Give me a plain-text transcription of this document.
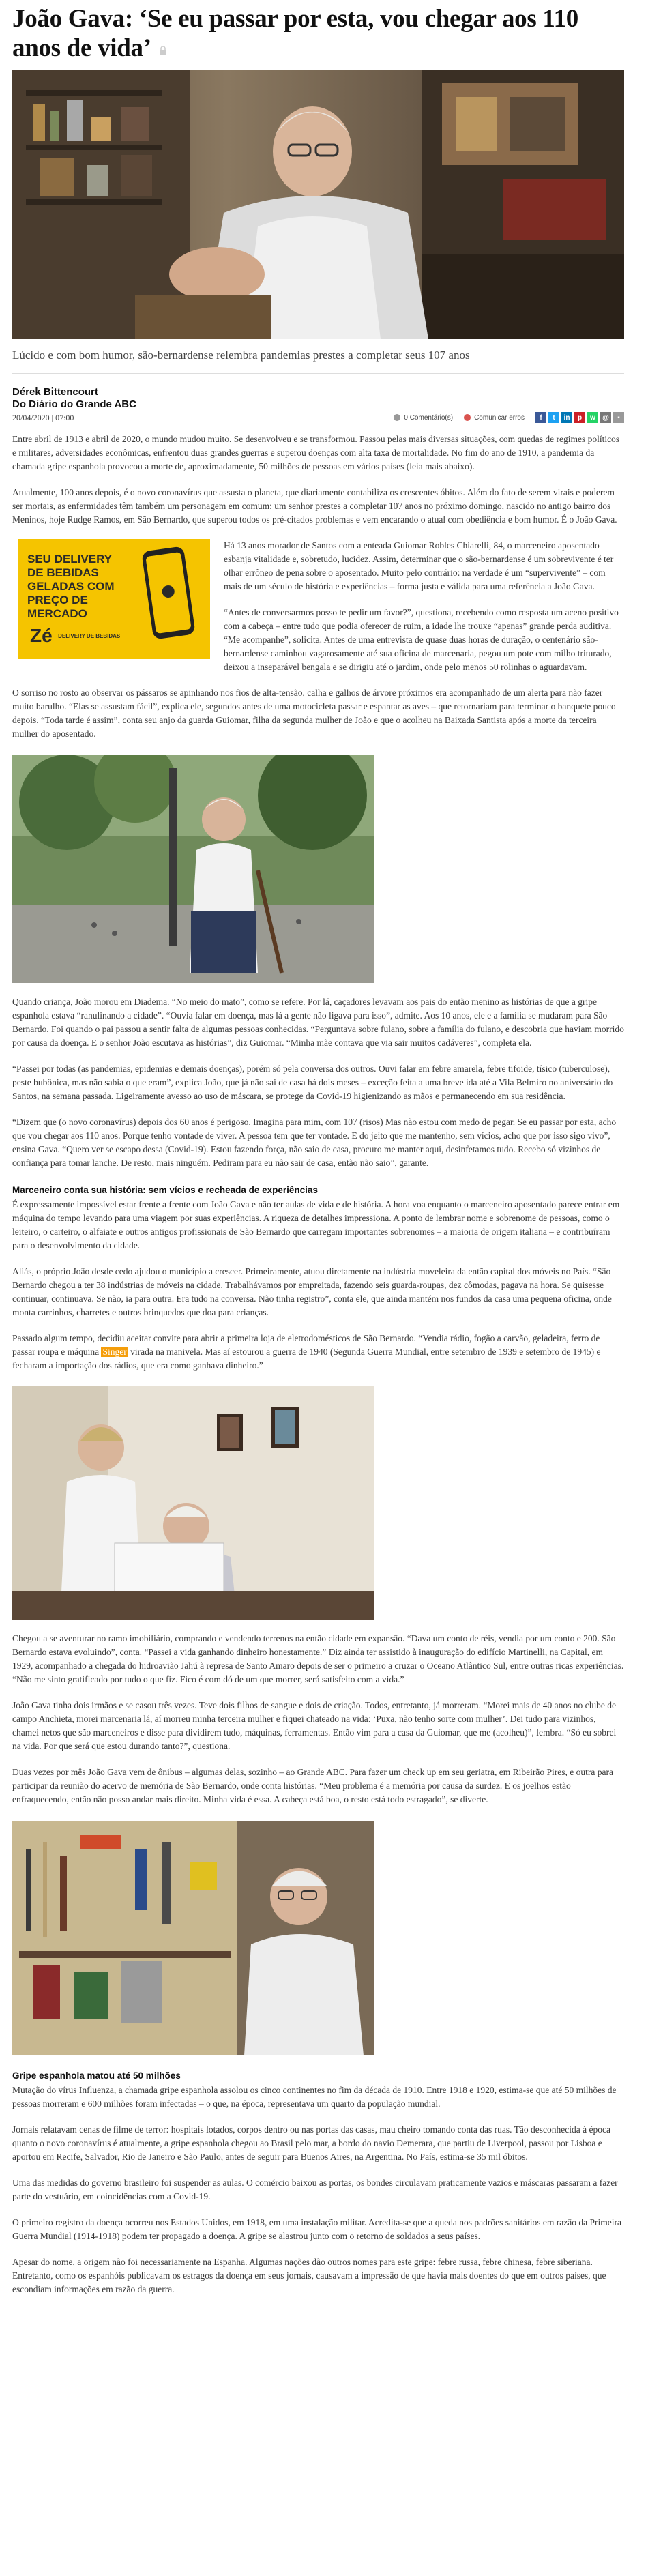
João Gava: ‘Se eu passar por esta, vou chegar aos 110 anos de vida’

Lúcido e com bom humor, são-bernardense relembra pandemias prestes a completar seus 107 anos

Dérek Bittencourt
Do Diário do Grande ABC
20/04/2020 | 07:00	0 Comentário(s)	Comunicar erros	f	t	in	p	w	@	▪

Entre abril de 1913 e abril de 2020, o mundo mudou muito. Se desenvolveu e se transformou. Passou pelas mais diversas situações, com quedas de regimes políticos e militares, adversidades econômicas, enfrentou duas grandes guerras e superou doenças com alta taxa de mortalidade. No fim do ano de 1910, a pandemia da chamada gripe espanhola provocou a morte de, aproximadamente, 50 milhões de pessoas em vários países (leia mais abaixo).

Atualmente, 100 anos depois, é o novo coronavírus que assusta o planeta, que diariamente contabiliza os crescentes óbitos. Além do fato de serem virais e poderem ser mortais, as enfermidades têm também um personagem em comum: um senhor prestes a completar 107 anos no próximo domingo, nascido no antigo bairro dos Meninos, hoje Rudge Ramos, em São Bernardo, que superou todos os pré-citados problemas e vem encarando o atual com obediência e bom humor. É o João Gava.

SEU DELIVERY DE BEBIDAS GELADAS COM PREÇO DE MERCADO
Zé DELIVERY DE BEBIDAS

Há 13 anos morador de Santos com a enteada Guiomar Robles Chiarelli, 84, o marceneiro aposentado esbanja vitalidade e, sobretudo, lucidez. Assim, determinar que o são-bernardense é um sobrevivente é ter olhar errôneo de pena sobre o aposentado. Muito pelo contrário: na verdade é um “supervivente” – com mais de um século de história e experiências – forma justa e válida para uma referência a João Gava.

“Antes de conversarmos posso te pedir um favor?”, questiona, recebendo como resposta um aceno positivo com a cabeça – entre tudo que podia oferecer de ruim, a idade lhe trouxe “apenas” grande perda auditiva. “Me acompanhe”, solicita. Antes de uma entrevista de quase duas horas de duração, o centenário são-bernardense caminhou vagarosamente até sua oficina de marcenaria, pegou um pote com milho triturado, deixou a inseparável bengala e se dirigiu até o jardim, onde pelo menos 50 rolinhas o aguardavam.

O sorriso no rosto ao observar os pássaros se apinhando nos fios de alta-tensão, calha e galhos de árvore próximos era acompanhado de um alerta para não fazer muito barulho. “Elas se assustam fácil”, explica ele, segundos antes de uma motocicleta passar e espantar as aves – que retornariam para terminar o banquete pouco depois. “Toda tarde é assim”, conta seu anjo da guarda Guiomar, filha da segunda mulher de João e que o acolheu na Baixada Santista após a morte da terceira mulher do aposentado.

Quando criança, João morou em Diadema. “No meio do mato”, como se refere. Por lá, caçadores levavam aos pais do então menino as histórias de que a gripe espanhola estava “ranulinando a cidade”. “Ouvia falar em doença, mas lá a gente não ligava para isso”, admite. Aos 10 anos, ele e a família se mudaram para São Bernardo. Foi quando o pai passou a sentir falta de algumas pessoas conhecidas. “Perguntava sobre fulano, sobre a família do fulano, e descobria que haviam morrido por causa da doença. E o senhor João escutava as histórias”, diz Guiomar. “Minha mãe contava que via sair muitos cadáveres”, completa ela.

“Passei por todas (as pandemias, epidemias e demais doenças), porém só pela conversa dos outros. Ouvi falar em febre amarela, febre tifoide, tísico (tuberculose), peste bubônica, mas não sabia o que eram”, explica João, que já não sai de casa há dois meses – exceção feita a uma breve ida até a Vila Belmiro no aniversário do Santos, na semana passada. Ligeiramente avesso ao uso de máscara, se protege da Covid-19 higienizando as mãos e permanecendo em sua residência.

“Dizem que (o novo coronavírus) depois dos 60 anos é perigoso. Imagina para mim, com 107 (risos) Mas não estou com medo de pegar. Se eu passar por esta, acho que vou chegar aos 110 anos. Porque tenho vontade de viver. A pessoa tem que ter vontade. E do jeito que me mantenho, sem vícios, acho que por isso sigo vivo”, ensina Gava. “Quero ver se escapo dessa (Covid-19). Estou fazendo força, não saio de casa, procuro me manter aqui, desinfetamos tudo. Recebo só vizinhos de confiança para tomar lanche. De resto, mais ninguém. Pediram para eu não sair de casa, então não saio”, garante.

Marceneiro conta sua história: sem vícios e recheada de experiências

É expressamente impossível estar frente a frente com João Gava e não ter aulas de vida e de história. A hora voa enquanto o marceneiro aposentado parece entrar em máquina do tempo levando para uma viagem por suas experiências. A riqueza de detalhes impressiona. A ponto de lembrar nome e sobrenome de pessoas, como o leiteiro, o carteiro, o alfaiate e outros antigos profissionais de São Bernardo que carregam importantes sobrenomes – a maioria de origem italiana – e contribuíram para o desenvolvimento da cidade.

Aliás, o próprio João desde cedo ajudou o município a crescer. Primeiramente, atuou diretamente na indústria moveleira da então capital dos móveis no País. “São Bernardo chegou a ter 38 indústrias de móveis na cidade. Trabalhávamos por empreitada, fazendo seis guarda-roupas, dez cômodas, pagava na hora. Se quisesse continuar, continuava. Se não, ia para outra. Era tudo na conversa. Não tinha registro”, conta ele, que ainda mantém nos fundos da casa uma pequena oficina, onde monta carrinhos, charretes e outros brinquedos que doa para crianças.

Passado algum tempo, decidiu aceitar convite para abrir a primeira loja de eletrodomésticos de São Bernardo. “Vendia rádio, fogão a carvão, geladeira, ferro de passar roupa e máquina Singer virada na manivela. Mas aí estourou a guerra de 1940 (Segunda Guerra Mundial, entre setembro de 1939 e setembro de 1945) e fecharam a importação dos rádios, que era como ganhava dinheiro.”

Chegou a se aventurar no ramo imobiliário, comprando e vendendo terrenos na então cidade em expansão. “Dava um conto de réis, vendia por um conto e 200. São Bernardo estava evoluindo”, conta. “Passei a vida ganhando dinheiro honestamente.” Diz ainda ter assistido à inauguração do edifício Martinelli, na Capital, em 1929, acompanhado a chegada do hidroavião Jahú à represa de Santo Amaro depois de ser o primeiro a cruzar o Oceano Atlântico Sul, entre outras ricas experiências. “Não me sinto gratificado por tudo o que fiz. Fico é com dó de um que morrer, será satisfeito com a vida.”

João Gava tinha dois irmãos e se casou três vezes. Teve dois filhos de sangue e dois de criação. Todos, entretanto, já morreram. “Morei mais de 40 anos no clube de campo Anchieta, morei marcenaria lá, aí morreu minha terceira mulher e fiquei chateado na vida: ‘Puxa, não tenho sorte com mulher’. Dei tudo para vizinhos, chamei netos que são marceneiros e disse para dividirem tudo, máquinas, ferramentas. Então vim para a casa da Guiomar, que me (acolheu)”, lembra. “Só eu sobrei na vida. Por que será que estou durando tanto?”, questiona.

Duas vezes por mês João Gava vem de ônibus – algumas delas, sozinho – ao Grande ABC. Para fazer um check up em seu geriatra, em Ribeirão Pires, e outra para participar da reunião do acervo de memória de São Bernardo, onde conta histórias. “Meu problema é a memória por causa da surdez. E os joelhos estão enfraquecendo, então não posso andar mais direito. Minha vida é essa. A cabeça está boa, o resto está todo estragado”, se diverte.

Gripe espanhola matou até 50 milhões

Mutação do vírus Influenza, a chamada gripe espanhola assolou os cinco continentes no fim da década de 1910. Entre 1918 e 1920, estima-se que até 50 milhões de pessoas morreram e 600 milhões foram infectadas – o que, na época, representava um quarto da população mundial.

Jornais relatavam cenas de filme de terror: hospitais lotados, corpos dentro ou nas portas das casas, mau cheiro tomando conta das ruas. Tão desconhecida à época quanto o novo coronavírus é atualmente, a gripe espanhola chegou ao Brasil pelo mar, a bordo do navio Demerara, que partiu de Liverpool, passou por Lisboa e aportou em Recife, Salvador, Rio de Janeiro e São Paulo, antes de seguir para Buenos Aires, na Argentina. No País, estima-se 35 mil óbitos.

Uma das medidas do governo brasileiro foi suspender as aulas. O comércio baixou as portas, os bondes circulavam praticamente vazios e máscaras passaram a fazer parte do vestuário, em coincidências com a Covid-19.

O primeiro registro da doença ocorreu nos Estados Unidos, em 1918, em uma instalação militar. Acredita-se que a queda nos padrões sanitários em razão da Primeira Guerra Mundial (1914-1918) podem ter propagado a doença. A gripe se alastrou junto com o retorno de soldados a seus países.

Apesar do nome, a origem não foi necessariamente na Espanha. Algumas nações dão outros nomes para este gripe: febre russa, febre chinesa, febre siberiana. Entretanto, como os espanhóis publicavam os estragos da doença em seus jornais, causavam a impressão de que havia mais doentes do que em outros países, que escondiam informações em razão da guerra.
